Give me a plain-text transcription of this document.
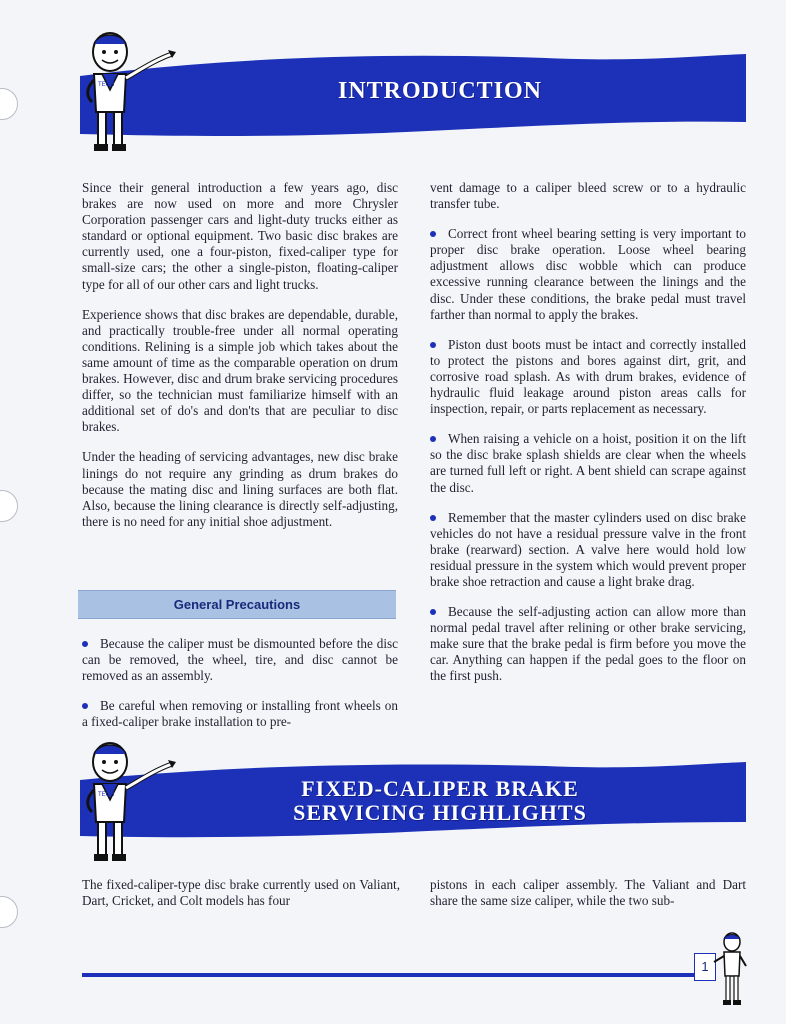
INTRODUCTION
TECH

Since their general introduction a few years ago, disc brakes are now used on more and more Chrysler Corporation passenger cars and light-duty trucks either as standard or optional equipment. Two basic disc brakes are currently used, one a four-piston, fixed-caliper type for small-size cars; the other a single-piston, floating-caliper type for all of our other cars and light trucks.

Experience shows that disc brakes are dependable, durable, and practically trouble-free under all normal operating conditions. Relining is a simple job which takes about the same amount of time as the comparable operation on drum brakes. However, disc and drum brake servicing procedures differ, so the technician must familiarize himself with an additional set of do's and don'ts that are peculiar to disc brakes.

Under the heading of servicing advantages, new disc brake linings do not require any grinding as drum brakes do because the mating disc and lining surfaces are both flat. Also, because the lining clearance is directly self-adjusting, there is no need for any initial shoe adjustment.

General Precautions

Because the caliper must be dismounted before the disc can be removed, the wheel, tire, and disc cannot be removed as an assembly.

Be careful when removing or installing front wheels on a fixed-caliper brake installation to pre-

vent damage to a caliper bleed screw or to a hydraulic transfer tube.

Correct front wheel bearing setting is very important to proper disc brake operation. Loose wheel bearing adjustment allows disc wobble which can produce excessive running clearance between the linings and the disc. Under these conditions, the brake pedal must travel farther than normal to apply the brakes.

Piston dust boots must be intact and correctly installed to protect the pistons and bores against dirt, grit, and corrosive road splash. As with drum brakes, evidence of hydraulic fluid leakage around piston areas calls for inspection, repair, or parts replacement as necessary.

When raising a vehicle on a hoist, position it on the lift so the disc brake splash shields are clear when the wheels are turned full left or right. A bent shield can scrape against the disc.

Remember that the master cylinders used on disc brake vehicles do not have a residual pressure valve in the front brake (rearward) section. A valve here would hold low residual pressure in the system which would prevent proper brake shoe retraction and cause a light brake drag.

Because the self-adjusting action can allow more than normal pedal travel after relining or other brake servicing, make sure that the brake pedal is firm before you move the car. Anything can happen if the pedal goes to the floor on the first push.

FIXED-CALIPER BRAKE
SERVICING HIGHLIGHTS
TECH
The fixed-caliper-type disc brake currently used on Valiant, Dart, Cricket, and Colt models has four
pistons in each caliper assembly. The Valiant and Dart share the same size caliper, while the two sub-
1
